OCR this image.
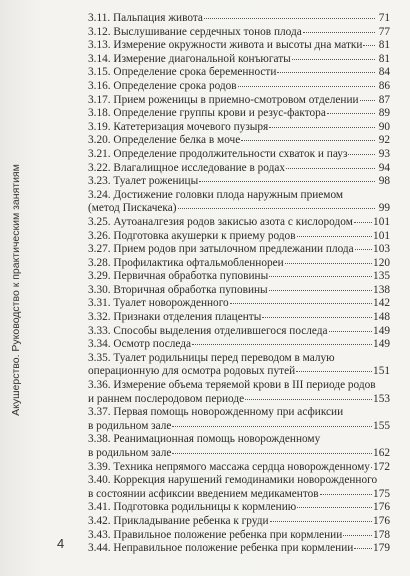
Акушерство. Руководство к практическим занятиям
3.11. Пальпация живота	71
3.12. Выслушивание сердечных тонов плода	77
3.13. Измерение окружности живота и высоты дна матки 81
3.14. Измерение диагональной конъюгаты	81
3.15. Определение срока беременности	84
3.16. Определение срока родов	86
3.17. Прием роженицы в приемно-смотровом отделении 87
3.18. Определение группы крови и резус-фактора	89
3.19. Катетеризация мочевого пузыря	90
3.20. Определение белка в моче	92
3.21. Определение продолжительности схваток и пауз	93
3.22. Влагалищное исследование в родах	94
3.23. Туалет роженицы	98
3.24. Достижение головки плода наружным приемом
(метод Пискачека)	99
3.25. Аутоаналгезия родов закисью азота с кислородом 101
3.26. Подготовка акушерки к приему родов	101
3.27. Прием родов при затылочном предлежании плода 103
3.28. Профилактика офтальмобленнореи	120
3.29. Первичная обработка пуповины	135
3.30. Вторичная обработка пуповины	138
3.31. Туалет новорожденного	142
3.32. Признаки отделения плаценты	148
3.33. Способы выделения отделившегося последа	149
3.34. Осмотр последа	149
3.35. Туалет родильницы перед переводом в малую
операционную для осмотра родовых путей	151
3.36. Измерение объема теряемой крови в III периоде родов
и раннем послеродовом периоде	153
3.37. Первая помощь новорожденному при асфиксии
в родильном зале	155
3.38. Реанимационная помощь новорожденному
в родильном зале	162
3.39. Техника непрямого массажа сердца новорожденному 172
3.40. Коррекция нарушений гемодинамики новорожденного
в состоянии асфиксии введением медикаментов	175
3.41. Подготовка родильницы к кормлению	176
3.42. Прикладывание ребенка к груди	176
3.43. Правильное положение ребенка при кормлении	178
3.44. Неправильное положение ребенка при кормлении 179
4
